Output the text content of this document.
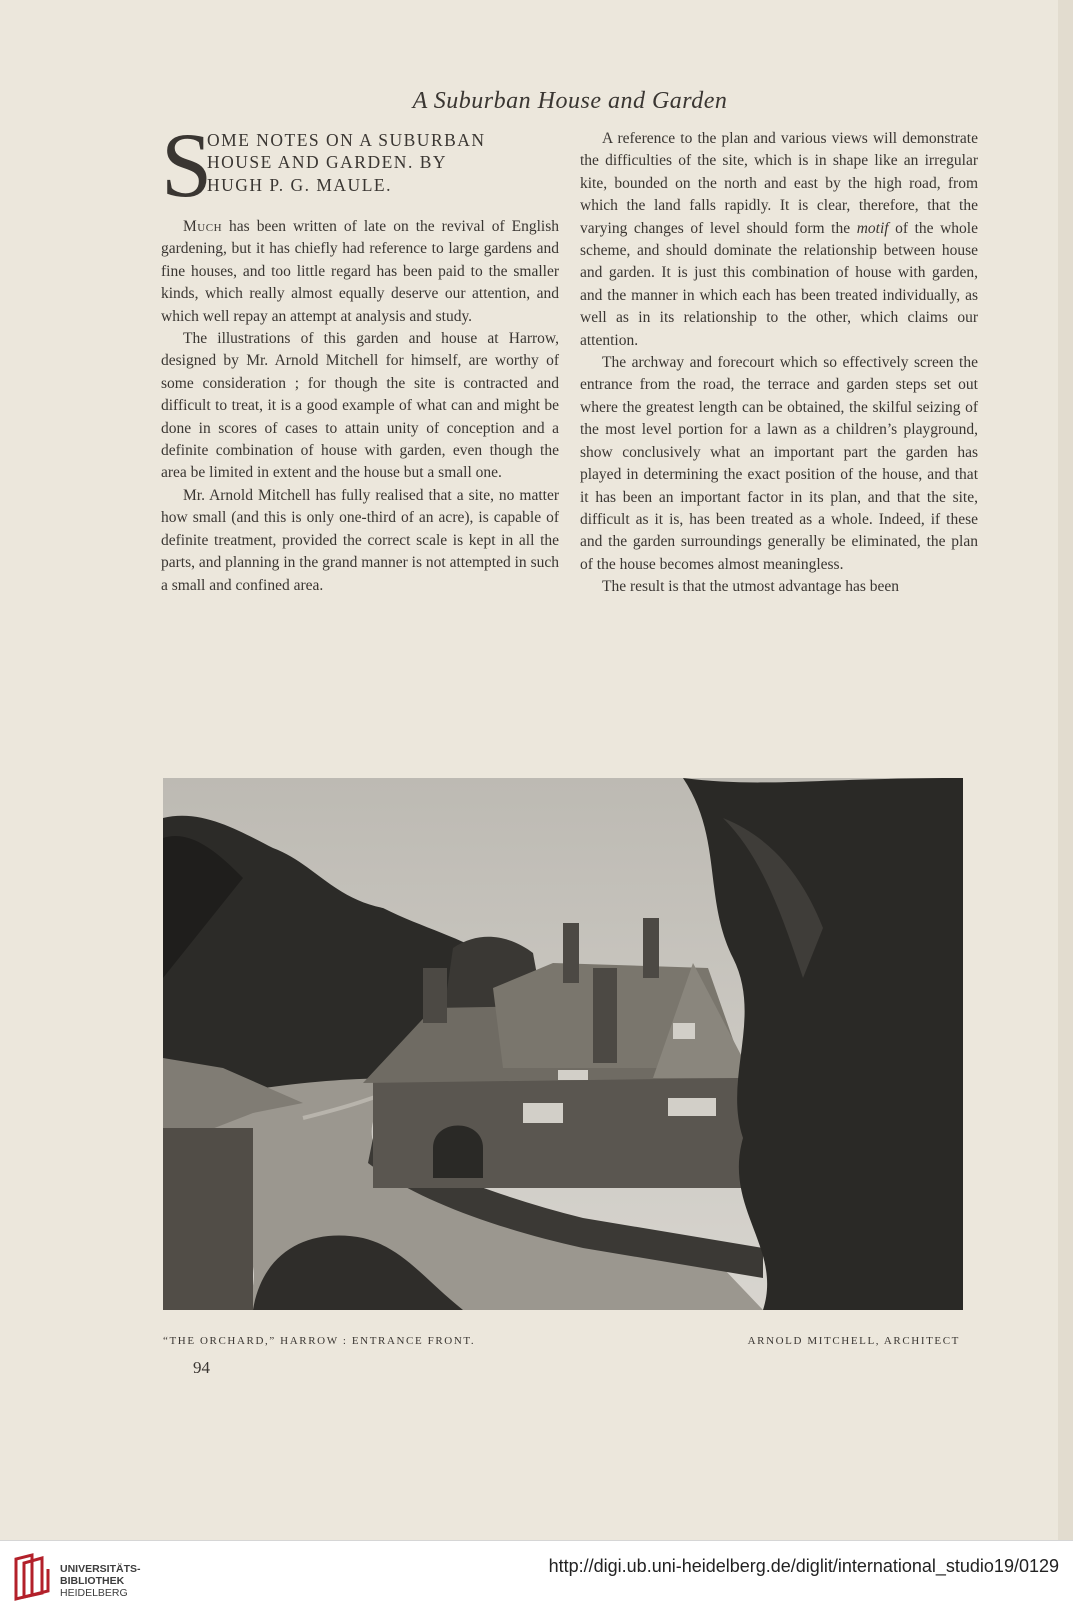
A Suburban House and Garden
S
OME NOTES ON A SUBURBAN
HOUSE AND GARDEN. BY
HUGH P. G. MAULE.

Much has been written of late on the revival of English gardening, but it has chiefly had reference to large gardens and fine houses, and too little regard has been paid to the smaller kinds, which really almost equally deserve our attention, and which well repay an attempt at analysis and study.

The illustrations of this garden and house at Harrow, designed by Mr. Arnold Mitchell for himself, are worthy of some consideration ; for though the site is contracted and difficult to treat, it is a good example of what can and might be done in scores of cases to attain unity of conception and a definite combination of house with garden, even though the area be limited in extent and the house but a small one.

Mr. Arnold Mitchell has fully realised that a site, no matter how small (and this is only one-third of an acre), is capable of definite treatment, provided the correct scale is kept in all the parts, and planning in the grand manner is not attempted in such a small and confined area.

A reference to the plan and various views will demonstrate the difficulties of the site, which is in shape like an irregular kite, bounded on the north and east by the high road, from which the land falls rapidly. It is clear, therefore, that the varying changes of level should form the motif of the whole scheme, and should dominate the relationship between house and garden. It is just this combination of house with garden, and the manner in which each has been treated individually, as well as in its relationship to the other, which claims our attention.

The archway and forecourt which so effectively screen the entrance from the road, the terrace and garden steps set out where the greatest length can be obtained, the skilful seizing of the most level portion for a lawn as a children’s playground, show conclusively what an important part the garden has played in determining the exact position of the house, and that it has been an important factor in its plan, and that the site, difficult as it is, has been treated as a whole. Indeed, if these and the garden surroundings generally be eliminated, the plan of the house becomes almost meaningless.

The result is that the utmost advantage has been

“THE ORCHARD,” HARROW : ENTRANCE FRONT.	ARNOLD MITCHELL, ARCHITECT
94
UNIVERSITÄTS-
BIBLIOTHEK
HEIDELBERG
http://digi.ub.uni-heidelberg.de/diglit/international_studio19/0129
